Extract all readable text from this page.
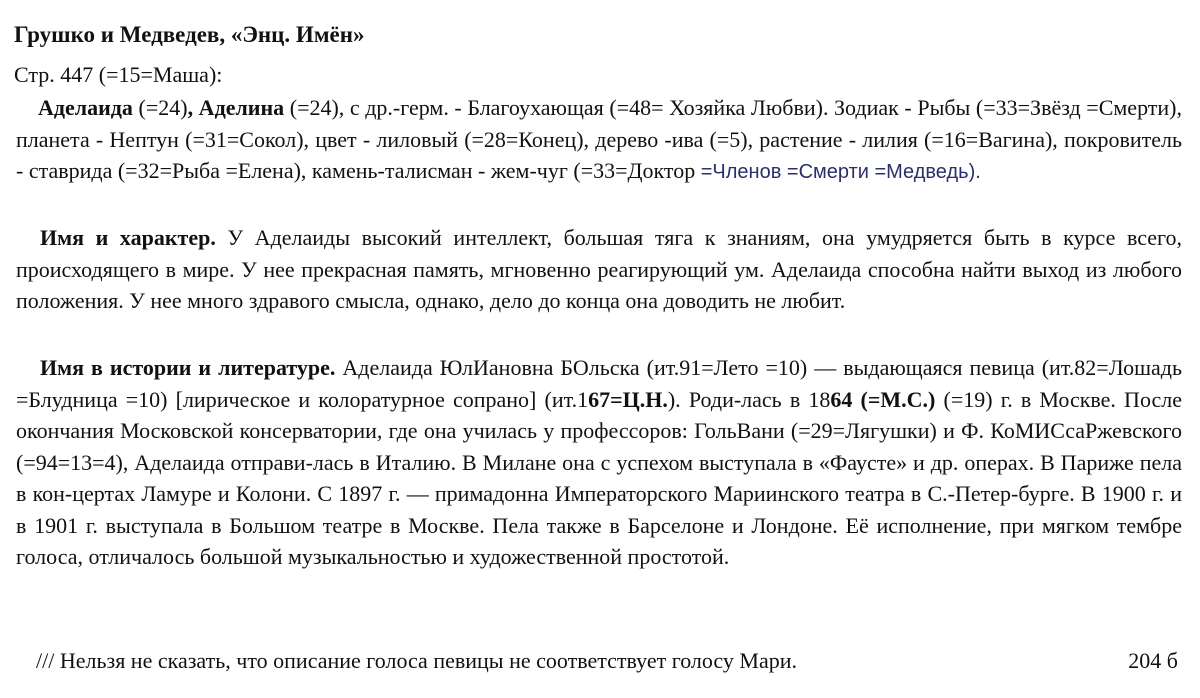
Грушко и Медведев, «Энц. Имён»
Стр. 447 (=15=Маша):
Аделаида (=24), Аделина (=24), с др.-герм. - Благоухающая (=48= Хозяйка Любви). Зодиак - Рыбы (=33=Звёзд =Смерти), планета - Нептун (=31=Сокол), цвет - лиловый (=28=Конец), дерево -ива (=5), растение - лилия (=16=Вагина), покровитель - ставрида (=32=Рыба =Елена), камень-талисман - жем-чуг (=33=Доктор =Членов =Смерти =Медведь).
Имя и характер. У Аделаиды высокий интеллект, большая тяга к знаниям, она умудряется быть в курсе всего, происходящего в мире. У нее прекрасная память, мгновенно реагирующий ум. Аделаида способна найти выход из любого положения. У нее много здравого смысла, однако, дело до конца она доводить не любит.
Имя в истории и литературе. Аделаида ЮлИановна БОльска (ит.91=Лето =10) — выдающаяся певица (ит.82=Лошадь =Блудница =10) [лирическое и колоратурное сопрано] (ит.167=Ц.Н.). Роди-лась в 1864 (=М.С.) (=19) г. в Москве. После окончания Московской консерватории, где она училась у профессоров: ГольВани (=29=Лягушки) и Ф. КоМИСсаРжевского (=94=13=4), Аделаида отправи-лась в Италию. В Милане она с успехом выступала в «Фаусте» и др. операх. В Париже пела в кон-цертах Ламуре и Колони. С 1897 г. — примадонна Императорского Мариинского театра в С.-Петер-бурге. В 1900 г. и в 1901 г. выступала в Большом театре в Москве. Пела также в Барселоне и Лондоне. Её исполнение, при мягком тембре голоса, отличалось большой музыкальностью и художественной простотой.
/// Нельзя не сказать, что описание голоса певицы не соответствует голосу Мари.	204 б
